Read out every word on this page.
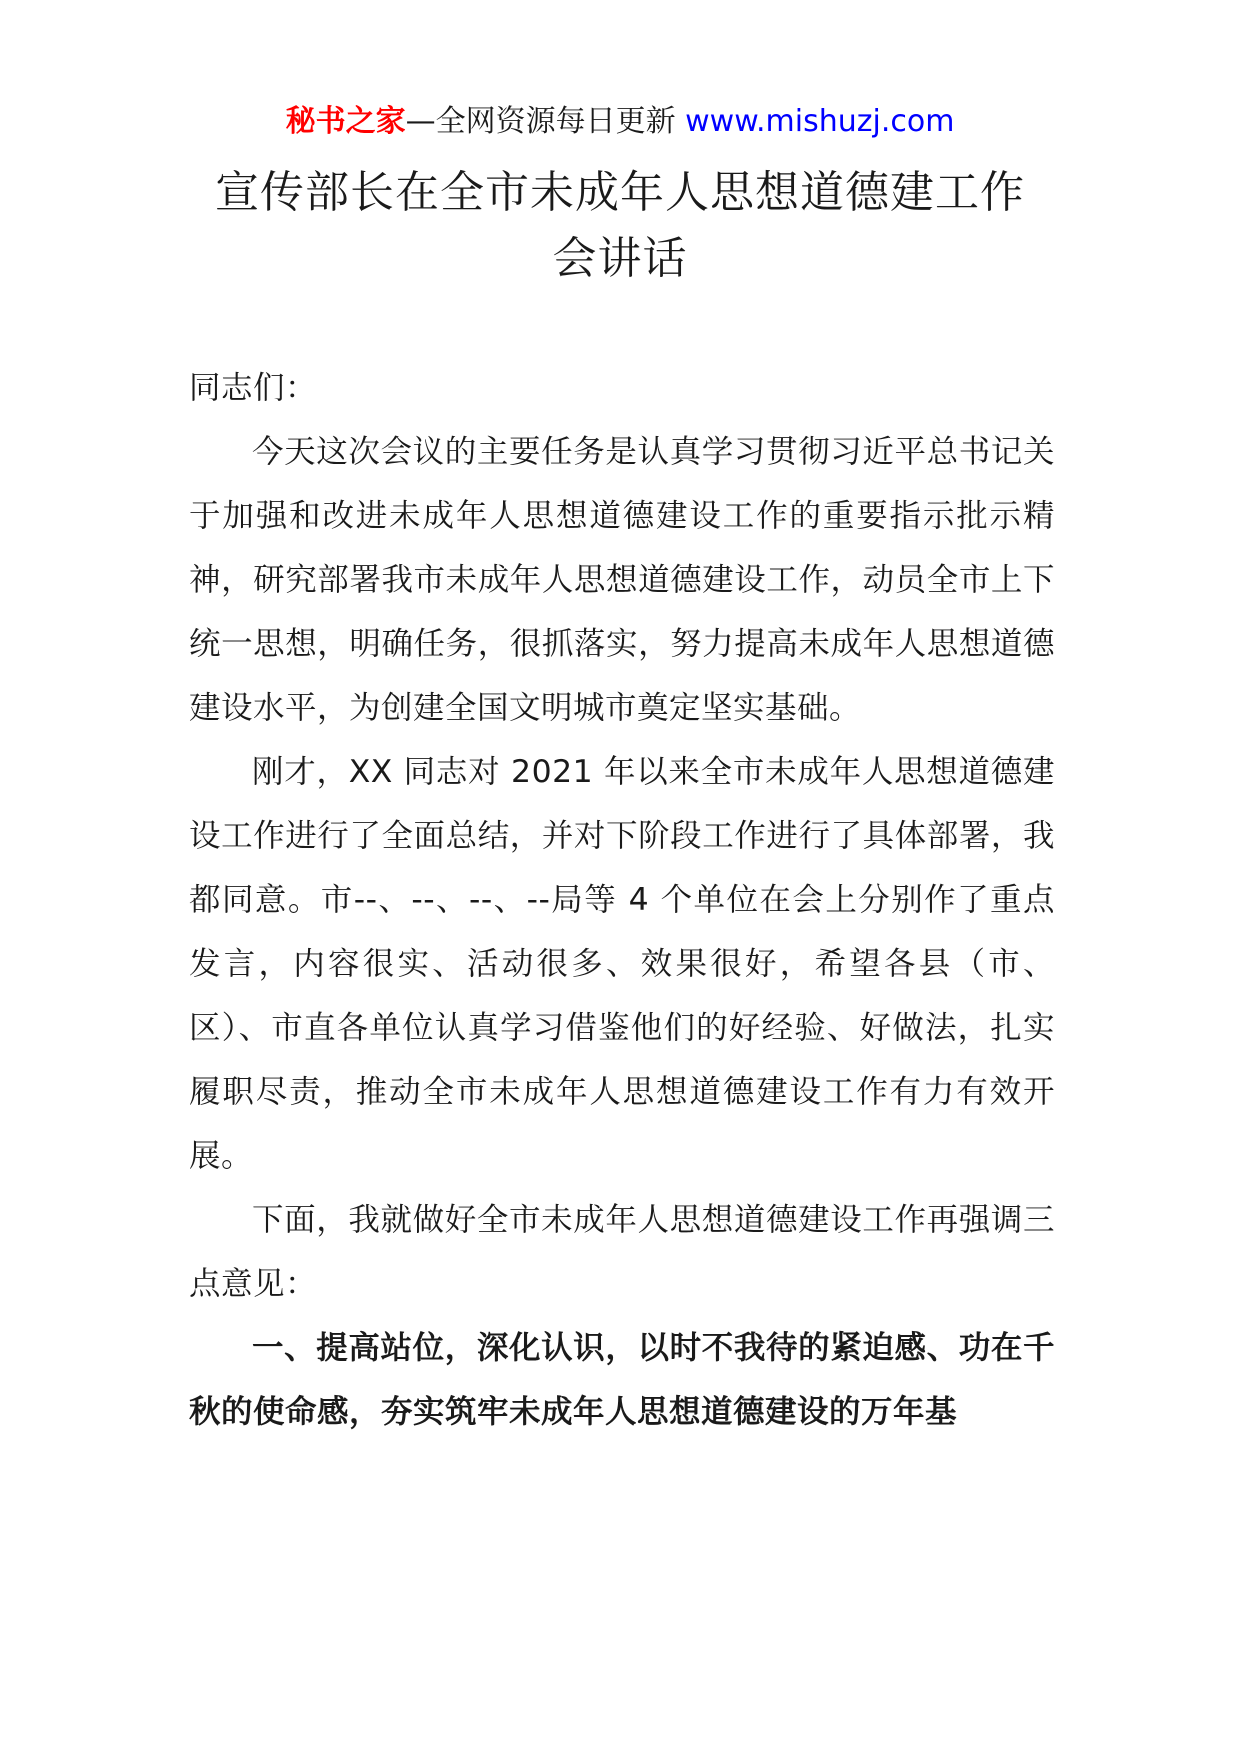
秘书之家—全网资源每日更新 www.mishuzj.com
宣传部长在全市未成年人思想道德建工作
会讲话

同志们：

今天这次会议的主要任务是认真学习贯彻习近平总书记关于加强和改进未成年人思想道德建设工作的重要指示批示精神，研究部署我市未成年人思想道德建设工作，动员全市上下统一思想，明确任务，很抓落实，努力提高未成年人思想道德建设水平，为创建全国文明城市奠定坚实基础。

刚才，XX 同志对 2021 年以来全市未成年人思想道德建设工作进行了全面总结，并对下阶段工作进行了具体部署，我都同意。市--、--、--、--局等 4 个单位在会上分别作了重点发言，内容很实、活动很多、效果很好，希望各县（市、区）、市直各单位认真学习借鉴他们的好经验、好做法，扎实履职尽责，推动全市未成年人思想道德建设工作有力有效开展。

下面，我就做好全市未成年人思想道德建设工作再强调三点意见：

一、提高站位，深化认识，以时不我待的紧迫感、功在千秋的使命感，夯实筑牢未成年人思想道德建设的万年基
